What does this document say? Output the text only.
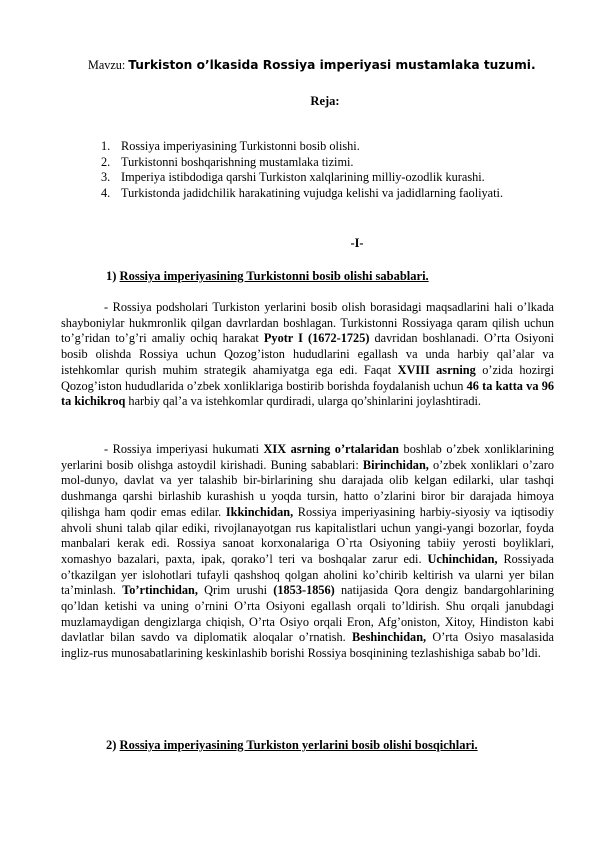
Mavzu: Turkiston o’lkasida Rossiya imperiyasi mustamlaka tuzumi.
Reja:
1. Rossiya imperiyasining Turkistonni bosib olishi.
2. Turkistonni boshqarishning mustamlaka tizimi.
3. Imperiya istibdodiga qarshi Turkiston xalqlarining milliy-ozodlik kurashi.
4. Turkistonda jadidchilik harakatining vujudga kelishi va jadidlarning faoliyati.
-I-
1) Rossiya imperiyasining Turkistonni bosib olishi sabablari.

- Rossiya podsholari Turkiston yerlarini bosib olish borasidagi maqsadlarini hali o’lkada shayboniylar hukmronlik qilgan davrlardan boshlagan. Turkistonni Rossiyaga qaram qilish uchun to’g’ridan to’g’ri amaliy ochiq harakat Pyotr I (1672-1725) davridan boshlanadi. O’rta Osiyoni bosib olishda Rossiya uchun Qozog’iston hududlarini egallash va unda harbiy qal’alar va istehkomlar qurish muhim strategik ahamiyatga ega edi. Faqat XVIII asrning o’zida hozirgi Qozog’iston hududlarida o’zbek xonliklariga bostirib borishda foydalanish uchun 46 ta katta va 96 ta kichikroq harbiy qal’a va istehkomlar qurdiradi, ularga qo’shinlarini joylashtiradi.

- Rossiya imperiyasi hukumati XIX asrning o’rtalaridan boshlab o’zbek xonliklarining yerlarini bosib olishga astoydil kirishadi. Buning sabablari: Birinchidan, o’zbek xonliklari o’zaro mol-dunyo, davlat va yer talashib bir-birlarining shu darajada olib kelgan edilarki, ular tashqi dushmanga qarshi birlashib kurashish u yoqda tursin, hatto o’zlarini biror bir darajada himoya qilishga ham qodir emas edilar. Ikkinchidan, Rossiya imperiyasining harbiy-siyosiy va iqtisodiy ahvoli shuni talab qilar ediki, rivojlanayotgan rus kapitalistlari uchun yangi-yangi bozorlar, foyda manbalari kerak edi. Rossiya sanoat korxonalariga O`rta Osiyoning tabiiy yerosti boyliklari, xomashyo bazalari, paxta, ipak, qorako’l teri va boshqalar zarur edi. Uchinchidan, Rossiyada o’tkazilgan yer islohotlari tufayli qashshoq qolgan aholini ko’chirib keltirish va ularni yer bilan ta’minlash. To’rtinchidan, Qrim urushi (1853-1856) natijasida Qora dengiz bandargohlarining qo’ldan ketishi va uning o’rnini O’rta Osiyoni egallash orqali to’ldirish. Shu orqali janubdagi muzlamaydigan dengizlarga chiqish, O’rta Osiyo orqali Eron, Afg’oniston, Xitoy, Hindiston kabi davlatlar bilan savdo va diplomatik aloqalar o’rnatish. Beshinchidan, O’rta Osiyo masalasida ingliz-rus munosabatlarining keskinlashib borishi Rossiya bosqinining tezlashishiga sabab bo’ldi.

2) Rossiya imperiyasining Turkiston yerlarini bosib olishi bosqichlari.
